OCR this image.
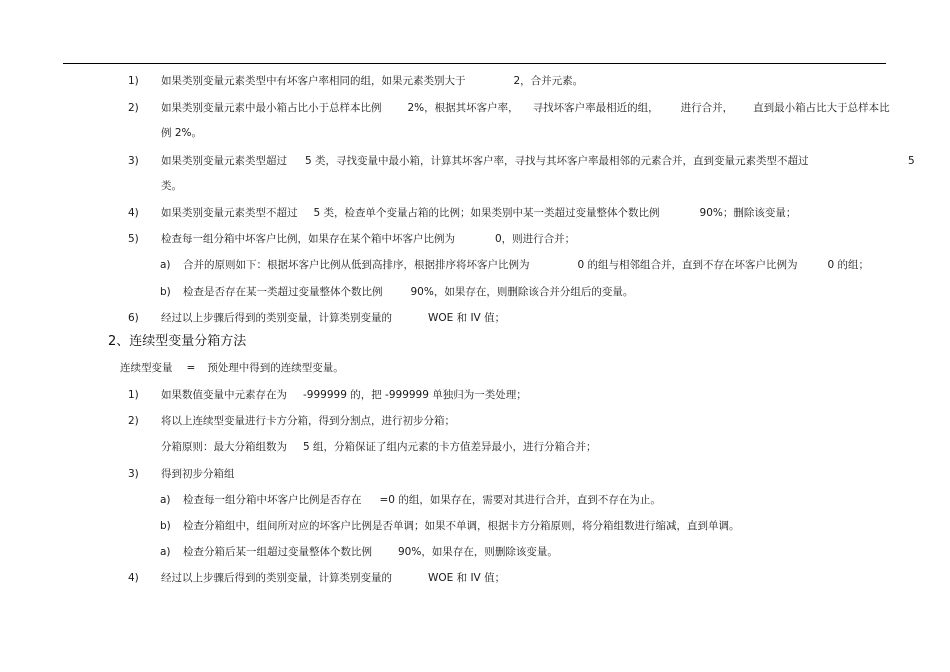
1) 如果类别变量元素类型中有坏客户率相同的组，如果元素类别大于	2，合并元素。
2) 如果类别变量元素中最小箱占比小于总样本比例 2%，根据其坏客户率， 寻找坏客户率最相近的组， 进行合并， 直到最小箱占比大于总样本比
例 2%。
3) 如果类别变量元素类型超过 5 类，寻找变量中最小箱，计算其坏客户率，寻找与其坏客户率最相邻的元素合并，直到变量元素类型不超过	5
类。
4) 如果类别变量元素类型不超过 5 类，检查单个变量占箱的比例；如果类别中某一类超过变量整体个数比例	90%；删除该变量；
5) 检查每一组分箱中坏客户比例，如果存在某个箱中坏客户比例为	0，则进行合并；
a) 合并的原则如下：根据坏客户比例从低到高排序，根据排序将坏客户比例为	0 的组与相邻组合并，直到不存在坏客户比例为	0 的组；
b) 检查是否存在某一类超过变量整体个数比例	90%，如果存在，则删除该合并分组后的变量。
6) 经过以上步骤后得到的类别变量，计算类别变量的	WOE 和 IV 值；
2、连续型变量分箱方法
连续型变量 = 预处理中得到的连续型变量。
1) 如果数值变量中元素存在为 -999999 的，把 -999999 单独归为一类处理；
2) 将以上连续型变量进行卡方分箱，得到分割点，进行初步分箱；
分箱原则：最大分箱组数为 5 组，分箱保证了组内元素的卡方值差异最小，进行分箱合并；
3) 得到初步分箱组
a) 检查每一组分箱中坏客户比例是否存在 =0 的组，如果存在，需要对其进行合并，直到不存在为止。
b) 检查分箱组中，组间所对应的坏客户比例是否单调；如果不单调，根据卡方分箱原则，将分箱组数进行缩减，直到单调。
a) 检查分箱后某一组超过变量整体个数比例 90%，如果存在，则删除该变量。
4) 经过以上步骤后得到的类别变量，计算类别变量的	WOE 和 IV 值；
